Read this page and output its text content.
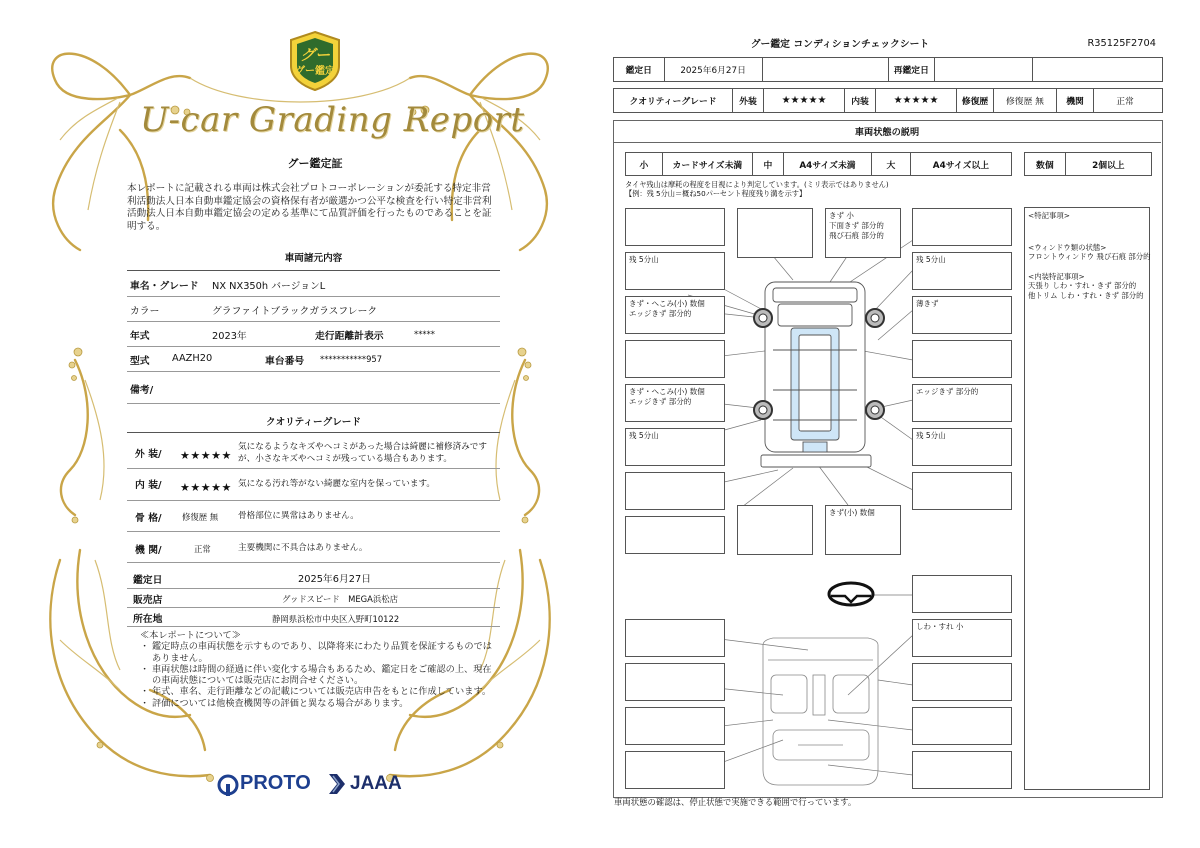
グー
グー鑑定
U-car Grading Report
グー鑑定証
本レポートに記載される車両は株式会社プロトコーポレーションが委託する特定非営利活動法人日本自動車鑑定協会の資格保有者が厳選かつ公平な検査を行い特定非営利活動法人日本自動車鑑定協会の定める基準にて品質評価を行ったものであることを証明する。
車両諸元内容
車名・グレード NX NX350h バージョンL
カラー	グラファイトブラックガラスフレーク
年式	2023年	走行距離計表示	*****
型式 AAZH20	車台番号 ***********957
備考/
クオリティーグレード
外 装/ ★★★★★
気になるようなキズやヘコミがあった場合は綺麗に補修済みですが、小さなキズやヘコミが残っている場合もあります。
内 装/ ★★★★★ 気になる汚れ等がない綺麗な室内を保っています。
骨 格/ 修復歴 無 骨格部位に異常はありません。
機 関/	正常	主要機関に不具合はありません。
鑑定日	2025年6月27日
販売店	グッドスピード　MEGA浜松店
所在地	静岡県浜松市中央区入野町10122
≪本レポートについて≫
・ 鑑定時点の車両状態を示すものであり、以降将来にわたり品質を保証するものではありません。
・ 車両状態は時間の経過に伴い変化する場合もあるため、鑑定日をご確認の上、現在の車両状態については販売店にお問合せください。
・ 年式、車名、走行距離などの記載については販売店申告をもとに作成しています。
・ 評価については他検査機関等の評価と異なる場合があります。
PROTO JAAA
グー鑑定 コンディションチェックシート	R35125F2704
鑑定日	2025年6月27日	再鑑定日
クオリティーグレード	外装	★★★★★	内装	★★★★★	修復歴	修復歴 無	機関	正常
車両状態の説明
小	カードサイズ未満	中	A4サイズ未満	大	A4サイズ以上	数個	2個以上
タイヤ残山は摩耗の程度を目視により判定しています。(ミリ表示ではありません)
【例：残 5分山＝概ね50パーセント程度残り溝を示す】
残 5分山
きず・へこみ(小) 数個
エッジきず 部分的
きず・へこみ(小) 数個
エッジきず 部分的
残 5分山
きず 小
下面きず 部分的
飛び石痕 部分的
きず(小) 数個
残 5分山
薄きず
エッジきず 部分的
残 5分山
しわ・すれ 小
<特記事項>
<ウィンドウ類の状態>
フロントウィンドウ 飛び石痕 部分的
<内装特記事項>
天張り しわ・すれ・きず 部分的
他トリム しわ・すれ・きず 部分的
車両状態の確認は、停止状態で実施できる範囲で行っています。
